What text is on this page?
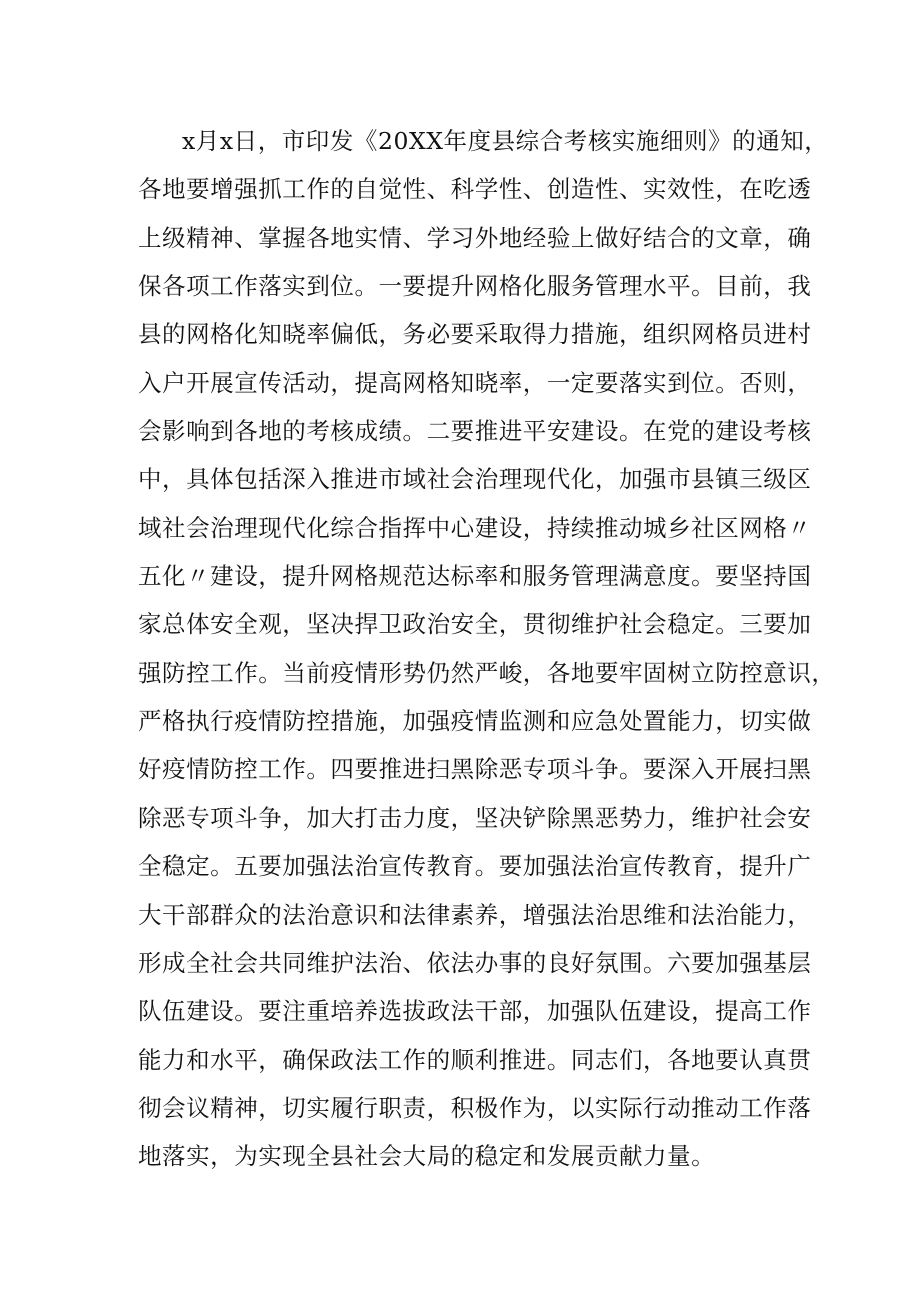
x月x日，市印发《20XX年度县综合考核实施细则》的通知，
各地要增强抓工作的自觉性、科学性、创造性、实效性，在吃透
上级精神、掌握各地实情、学习外地经验上做好结合的文章，确
保各项工作落实到位。一要提升网格化服务管理水平。目前，我
县的网格化知晓率偏低，务必要采取得力措施，组织网格员进村
入户开展宣传活动，提高网格知晓率，一定要落实到位。否则，
会影响到各地的考核成绩。二要推进平安建设。在党的建设考核
中，具体包括深入推进市域社会治理现代化，加强市县镇三级区
域社会治理现代化综合指挥中心建设，持续推动城乡社区网格〃
五化〃建设，提升网格规范达标率和服务管理满意度。要坚持国
家总体安全观，坚决捍卫政治安全，贯彻维护社会稳定。三要加
强防控工作。当前疫情形势仍然严峻，各地要牢固树立防控意识，
严格执行疫情防控措施，加强疫情监测和应急处置能力，切实做
好疫情防控工作。四要推进扫黑除恶专项斗争。要深入开展扫黑
除恶专项斗争，加大打击力度，坚决铲除黑恶势力，维护社会安
全稳定。五要加强法治宣传教育。要加强法治宣传教育，提升广
大干部群众的法治意识和法律素养，增强法治思维和法治能力，
形成全社会共同维护法治、依法办事的良好氛围。六要加强基层
队伍建设。要注重培养选拔政法干部，加强队伍建设，提高工作
能力和水平，确保政法工作的顺利推进。同志们，各地要认真贯
彻会议精神，切实履行职责，积极作为，以实际行动推动工作落
地落实，为实现全县社会大局的稳定和发展贡献力量。
